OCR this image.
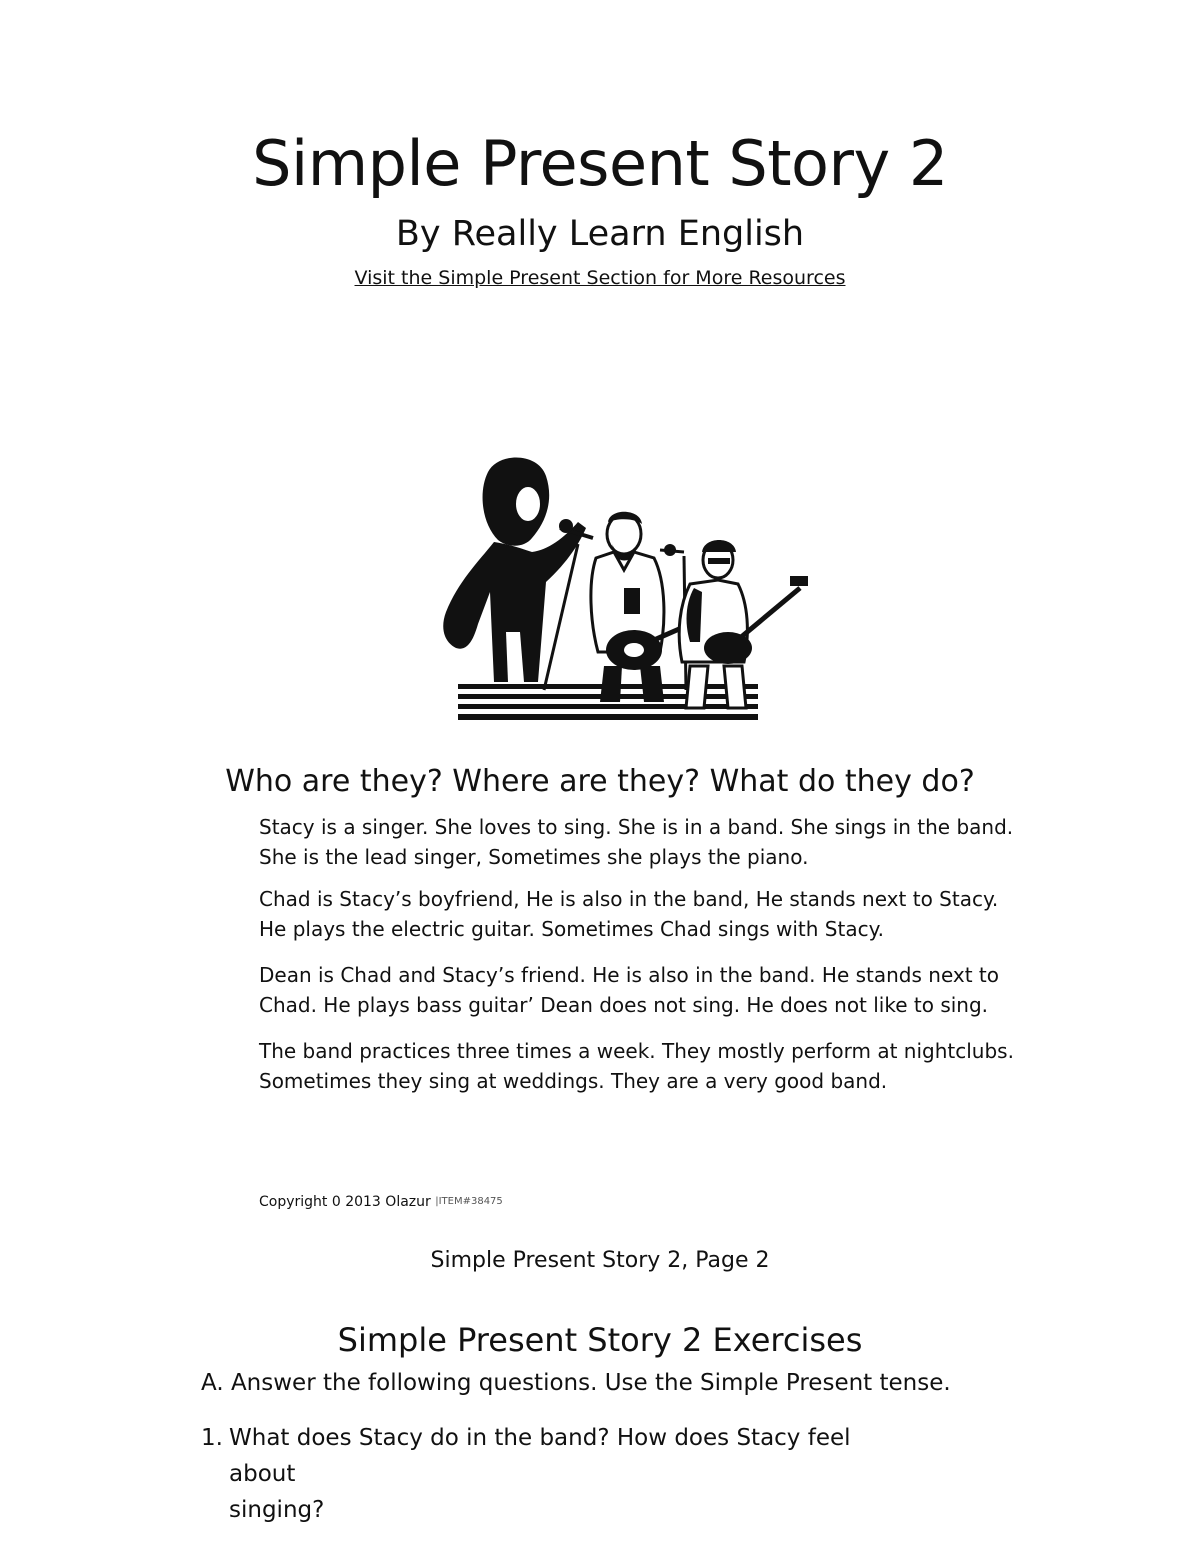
Simple Present Story 2
By Really Learn English
Visit the Simple Present Section for More Resources
Who are they? Where are they? What do they do?

Stacy is a singer. She loves to sing. She is in a band. She sings in the band.
She is the lead singer, Sometimes she plays the piano.

Chad is Stacy’s boyfriend, He is also in the band, He stands next to Stacy.
He plays the electric guitar. Sometimes Chad sings with Stacy.

Dean is Chad and Stacy’s friend. He is also in the band. He stands next to
Chad. He plays bass guitar’ Dean does not sing. He does not like to sing.

The band practices three times a week. They mostly perform at nightclubs.
Sometimes they sing at weddings. They are a very good band.

Copyright 0 2013 Olazur |ITEM#38475
Simple Present Story 2, Page 2
Simple Present Story 2 Exercises
A. Answer the following questions. Use the Simple Present tense.
1. What does Stacy do in the band? How does Stacy feel about
singing?
